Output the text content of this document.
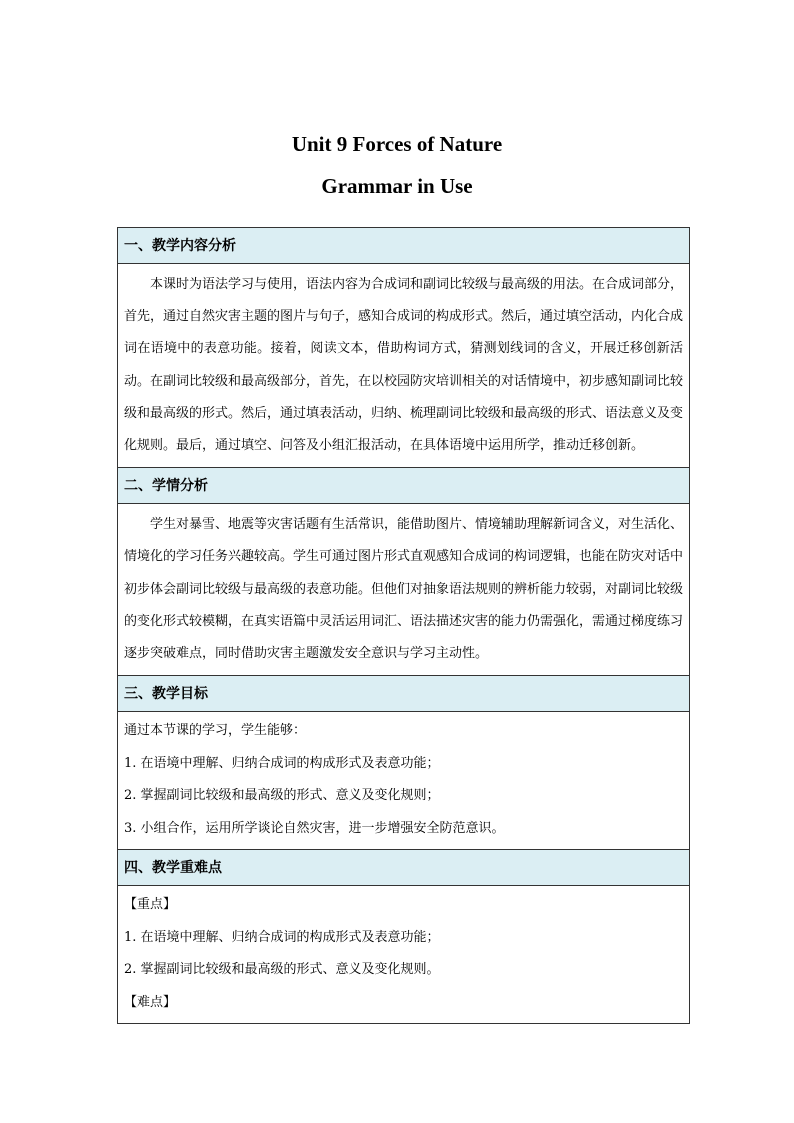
Unit 9 Forces of Nature
Grammar in Use
一、教学内容分析

本课时为语法学习与使用，语法内容为合成词和副词比较级与最高级的用法。在合成词部分，首先，通过自然灾害主题的图片与句子，感知合成词的构成形式。然后，通过填空活动，内化合成词在语境中的表意功能。接着，阅读文本，借助构词方式，猜测划线词的含义，开展迁移创新活动。在副词比较级和最高级部分，首先，在以校园防灾培训相关的对话情境中，初步感知副词比较级和最高级的形式。然后，通过填表活动，归纳、梳理副词比较级和最高级的形式、语法意义及变化规则。最后，通过填空、问答及小组汇报活动，在具体语境中运用所学，推动迁移创新。

二、学情分析

学生对暴雪、地震等灾害话题有生活常识，能借助图片、情境辅助理解新词含义，对生活化、情境化的学习任务兴趣较高。学生可通过图片形式直观感知合成词的构词逻辑，也能在防灾对话中初步体会副词比较级与最高级的表意功能。但他们对抽象语法规则的辨析能力较弱，对副词比较级的变化形式较模糊，在真实语篇中灵活运用词汇、语法描述灾害的能力仍需强化，需通过梯度练习逐步突破难点，同时借助灾害主题激发安全意识与学习主动性。

三、教学目标
通过本节课的学习，学生能够：
1. 在语境中理解、归纳合成词的构成形式及表意功能；
2. 掌握副词比较级和最高级的形式、意义及变化规则；
3. 小组合作，运用所学谈论自然灾害，进一步增强安全防范意识。
四、教学重难点
【重点】
1. 在语境中理解、归纳合成词的构成形式及表意功能；
2. 掌握副词比较级和最高级的形式、意义及变化规则。
【难点】
